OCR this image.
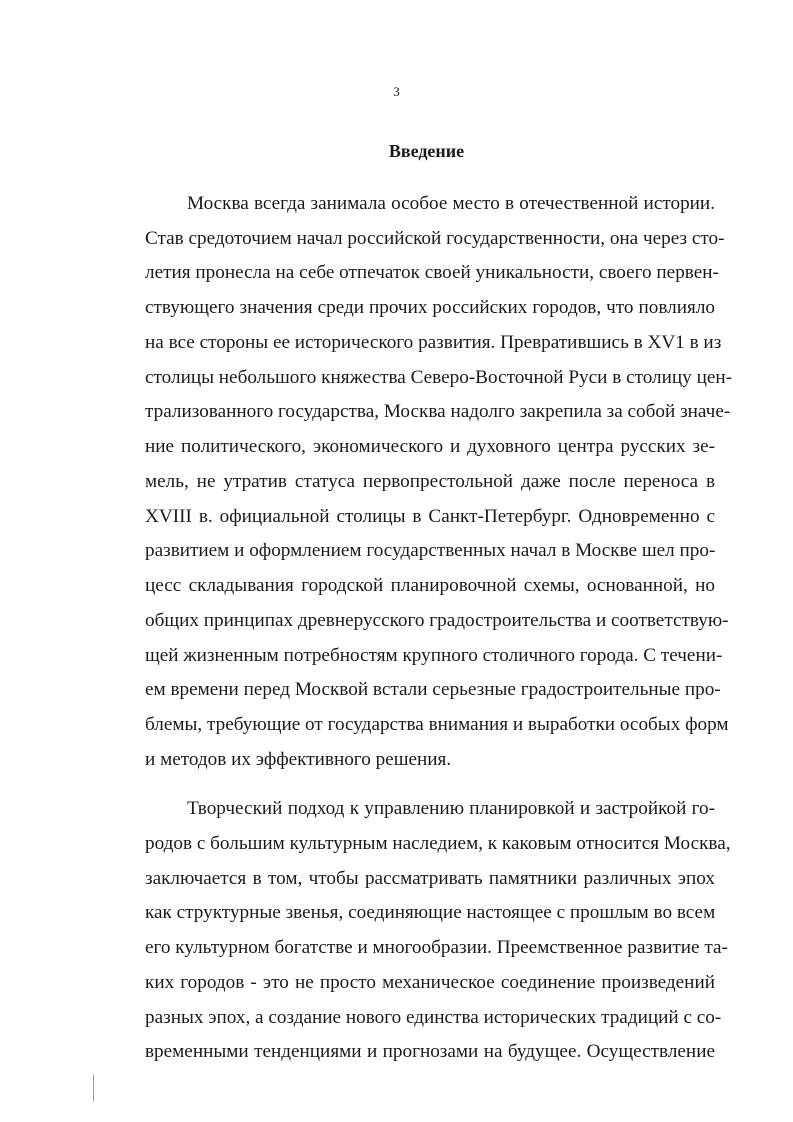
3
Введение
Москва всегда занимала особое место в отечественной истории.
Став средоточием начал российской государственности, она через сто-
летия пронесла на себе отпечаток своей уникальности, своего первен-
ствующего значения среди прочих российских городов, что повлияло
на все стороны ее исторического развития. Превратившись в XV1 в из
столицы небольшого княжества Северо-Восточной Руси в столицу цен-
трализованного государства, Москва надолго закрепила за собой значе-
ние политического, экономического и духовного центра русских зе-
мель, не утратив статуса первопрестольной даже после переноса в
XVIII в. официальной столицы в Санкт-Петербург. Одновременно с
развитием и оформлением государственных начал в Москве шел про-
цесс складывания городской планировочной схемы, основанной, но
общих принципах древнерусского градостроительства и соответствую-
щей жизненным потребностям крупного столичного города. С течени-
ем времени перед Москвой встали серьезные градостроительные про-
блемы, требующие от государства внимания и выработки особых форм
и методов их эффективного решения.
Творческий подход к управлению планировкой и застройкой го-
родов с большим культурным наследием, к каковым относится Москва,
заключается в том, чтобы рассматривать памятники различных эпох
как структурные звенья, соединяющие настоящее с прошлым во всем
его культурном богатстве и многообразии. Преемственное развитие та-
ких городов - это не просто механическое соединение произведений
разных эпох, а создание нового единства исторических традиций с со-
временными тенденциями и прогнозами на будущее. Осуществление
